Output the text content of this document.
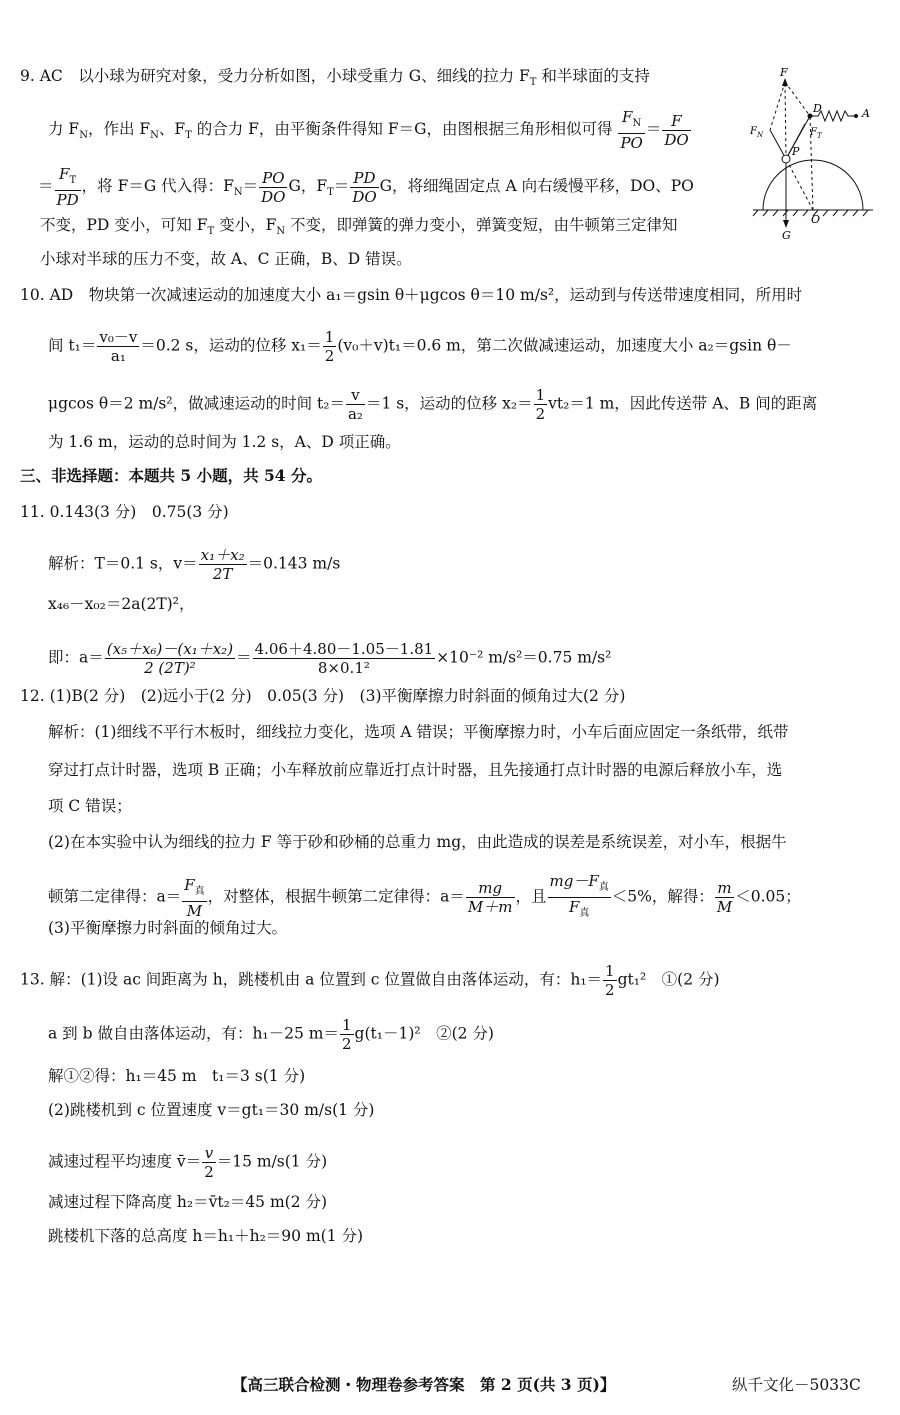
9. AC　以小球为研究对象，受力分析如图，小球受重力 G、细线的拉力 $F_T$ 和半球面的支持
力 $F_N$，作出 $F_N$、$F_T$ 的合力 F，由平衡条件得知 F＝G，由图根据三角形相似可得 $\frac{F_N}{PO} = \frac{F}{DO}$
＝ $\frac{F_T}{PD}$ ，将 F＝G 代入得：$F_N= \frac{PO}{DO}$ G，$F_T= \frac{PD}{DO}$ G，将细绳固定点 A 向右缓慢平移，DO、PO
不变，PD 变小，可知 $F_T$ 变小，$F_N$ 不变，即弹簧的弹力变小，弹簧变短，由牛顿第三定律知
小球对半球的压力不变，故 A、C 正确，B、D 错误。
F
D	A
$F_N$	$F_T$
P
O
G
10. AD　物块第一次减速运动的加速度大小 a₁＝gsin θ＋μgcos θ＝10 m/s²，运动到与传送带速度相同，所用时
间 $t_1= \frac{\text{v₀－v}}{\text{a₁}} =0.2$ s，运动的位移 $x_1= \frac{1}{2} (v_0+v)t_1=0.6$ m，第二次做减速运动，加速度大小 a₂＝gsin θ－
μgcos θ＝2 m/s²，做减速运动的时间 $t_2= \frac{v}{\text{a₂}} =1$ s，运动的位移 $x_2= \frac{1}{2} vt_2=1$ m，因此传送带 A、B 间的距离
为 1.6 m，运动的总时间为 1.2 s，A、D 项正确。
三、非选择题：本题共 5 小题，共 54 分。
11. 0.143(3 分)　0.75(3 分)
解析：T＝0.1 s，$v= \frac{\text{x₁＋x₂}}{2T} =0.143$ m/s
x₄₆－x₀₂＝2a(2T)²，
即：$a= \frac{\text{(x₅＋x₆)－(x₁＋x₂)}}{\text{2 (2T)²}} = \frac{4.06+4.80-1.05-1.81}{\text{8×0.1²}} \times 10^{-2}$ m/s²＝0.75 m/s²
12. (1)B(2 分)　(2)远小于(2 分)　0.05(3 分)　(3)平衡摩擦力时斜面的倾角过大(2 分)
解析：(1)细线不平行木板时，细线拉力变化，选项 A 错误；平衡摩擦力时，小车后面应固定一条纸带，纸带
穿过打点计时器，选项 B 正确；小车释放前应靠近打点计时器，且先接通打点计时器的电源后释放小车，选
项 C 错误；
(2)在本实验中认为细线的拉力 F 等于砂和砂桶的总重力 mg，由此造成的误差是系统误差，对小车，根据牛
顿第二定律得：a＝
$F_真$
M
，对整体，根据牛顿第二定律得：$a= \frac{mg}{M+m}$ ，且
$mg-F_真$
$F_真$
＜5%，解得： $\frac{m}{M} <0.05$；
(3)平衡摩擦力时斜面的倾角过大。
13. 解：(1)设 ac 间距离为 h，跳楼机由 a 位置到 c 位置做自由落体运动，有：$h_1= \frac{1}{2} gt_1^2$　①(2 分)
a 到 b 做自由落体运动，有：h₁－25 $m= \frac{1}{2} g(t_1-1)^2$　②(2 分)
解①②得：h₁＝45 m　t₁＝3 s(1 分)
(2)跳楼机到 c 位置速度 v＝gt₁＝30 m/s(1 分)
减速过程平均速度 v̄＝ $\frac{v}{2} =15$ m/s(1 分)
减速过程下降高度 h₂＝v̄t₂＝45 m(2 分)
跳楼机下落的总高度 h＝h₁＋h₂＝90 m(1 分)
【高三联合检测・物理卷参考答案　第 2 页(共 3 页)】	纵千文化－5033C
